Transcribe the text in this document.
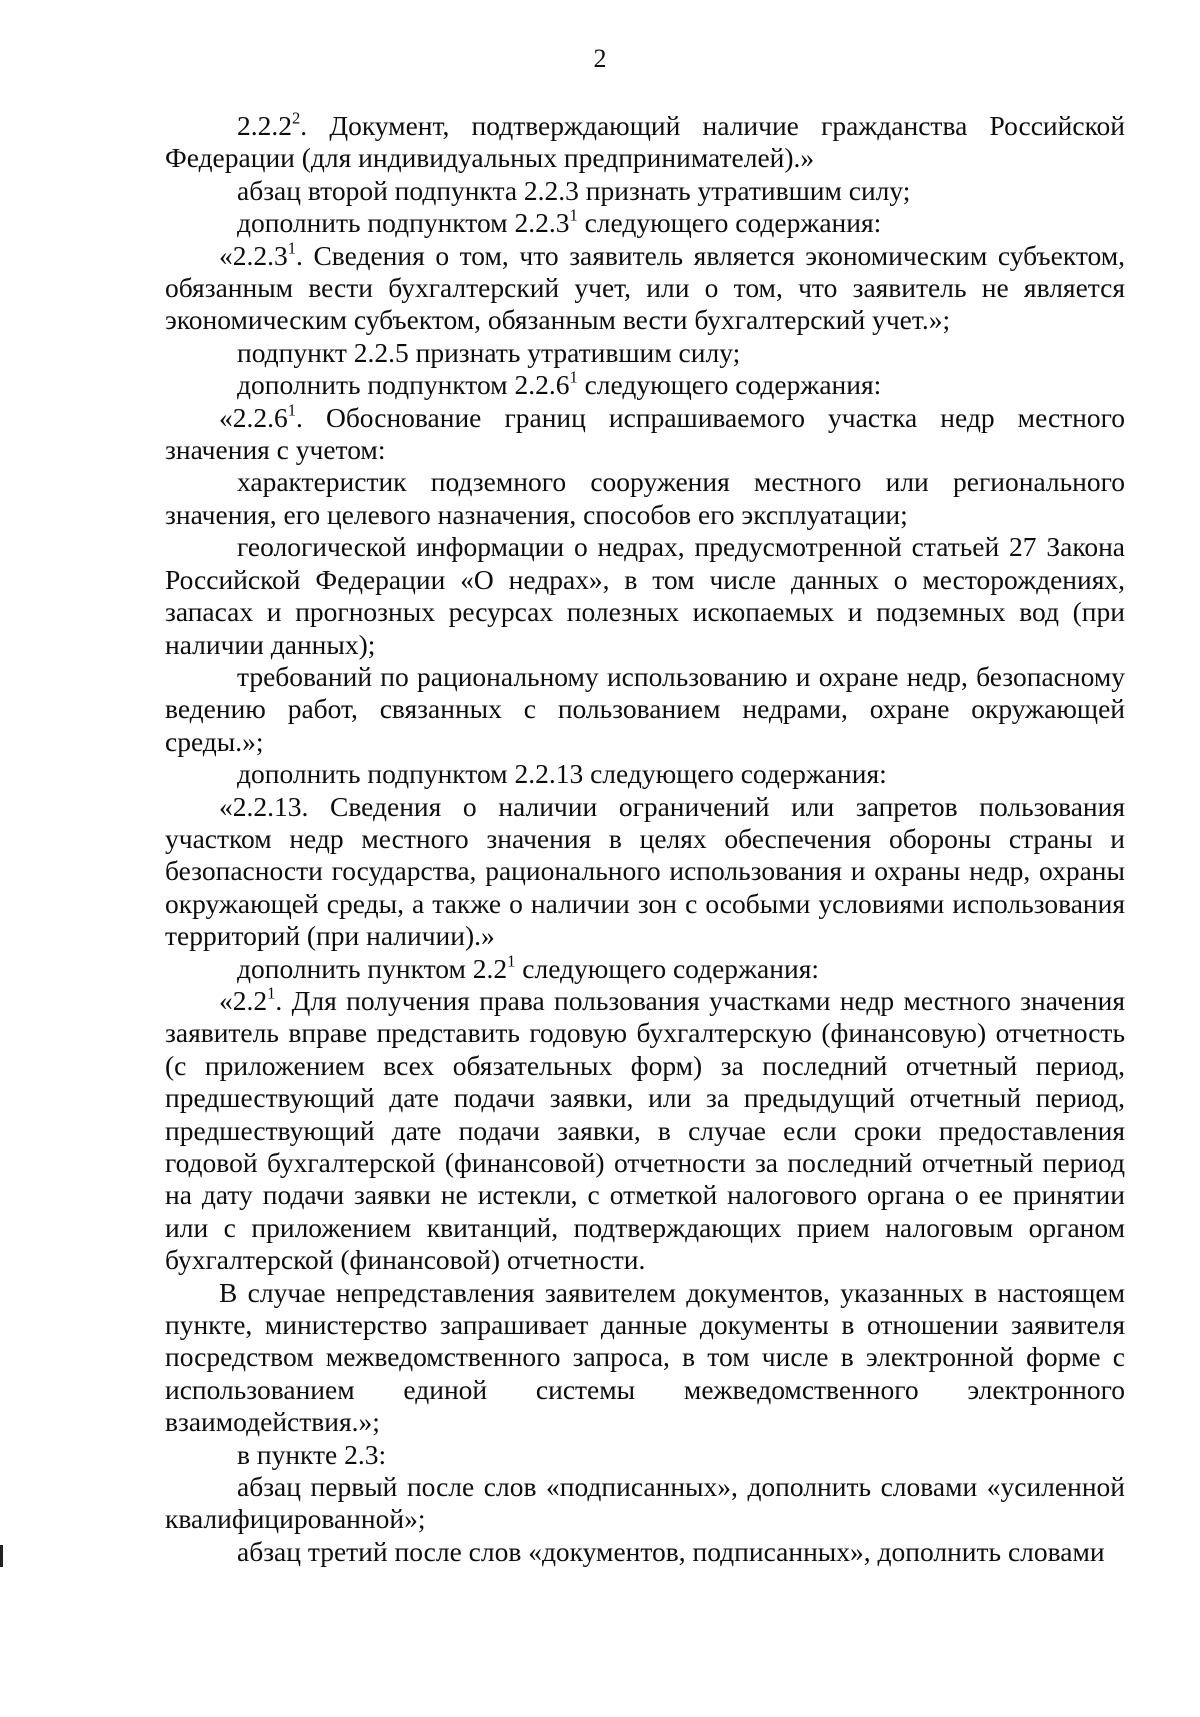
2

2.2.2$^2$. Документ, подтверждающий наличие гражданства Российской Федерации (для индивидуальных предпринимателей).»

абзац второй подпункта 2.2.3 признать утратившим силу;

дополнить подпунктом 2.2.3$^1$ следующего содержания:

«2.2.3$^1$. Сведения о том, что заявитель является экономическим субъектом, обязанным вести бухгалтерский учет, или о том, что заявитель не является экономическим субъектом, обязанным вести бухгалтерский учет.»;

подпункт 2.2.5 признать утратившим силу;

дополнить подпунктом 2.2.6$^1$ следующего содержания:

«2.2.6$^1$. Обоснование границ испрашиваемого участка недр местного значения с учетом:

характеристик подземного сооружения местного или регионального значения, его целевого назначения, способов его эксплуатации;

геологической информации о недрах, предусмотренной статьей 27 Закона Российской Федерации «О недрах», в том числе данных о месторождениях, запасах и прогнозных ресурсах полезных ископаемых и подземных вод (при наличии данных);

требований по рациональному использованию и охране недр, безопасному ведению работ, связанных с пользованием недрами, охране окружающей среды.»;

дополнить подпунктом 2.2.13 следующего содержания:

«2.2.13. Сведения о наличии ограничений или запретов пользования участком недр местного значения в целях обеспечения обороны страны и безопасности государства, рационального использования и охраны недр, охраны окружающей среды, а также о наличии зон с особыми условиями использования территорий (при наличии).»

дополнить пунктом $2.2^1$ следующего содержания:

«$2.2^1$. Для получения права пользования участками недр местного значения заявитель вправе представить годовую бухгалтерскую (финансовую) отчетность (с приложением всех обязательных форм) за последний отчетный период, предшествующий дате подачи заявки, или за предыдущий отчетный период, предшествующий дате подачи заявки, в случае если сроки предоставления годовой бухгалтерской (финансовой) отчетности за последний отчетный период на дату подачи заявки не истекли, с отметкой налогового органа о ее принятии или с приложением квитанций, подтверждающих прием налоговым органом бухгалтерской (финансовой) отчетности.

В случае непредставления заявителем документов, указанных в настоящем пункте, министерство запрашивает данные документы в отношении заявителя посредством межведомственного запроса, в том числе в электронной форме с использованием единой системы межведомственного электронного взаимодействия.»;

в пункте 2.3:

абзац первый после слов «подписанных», дополнить словами «усиленной квалифицированной»;

абзац третий после слов «документов, подписанных», дополнить словами
